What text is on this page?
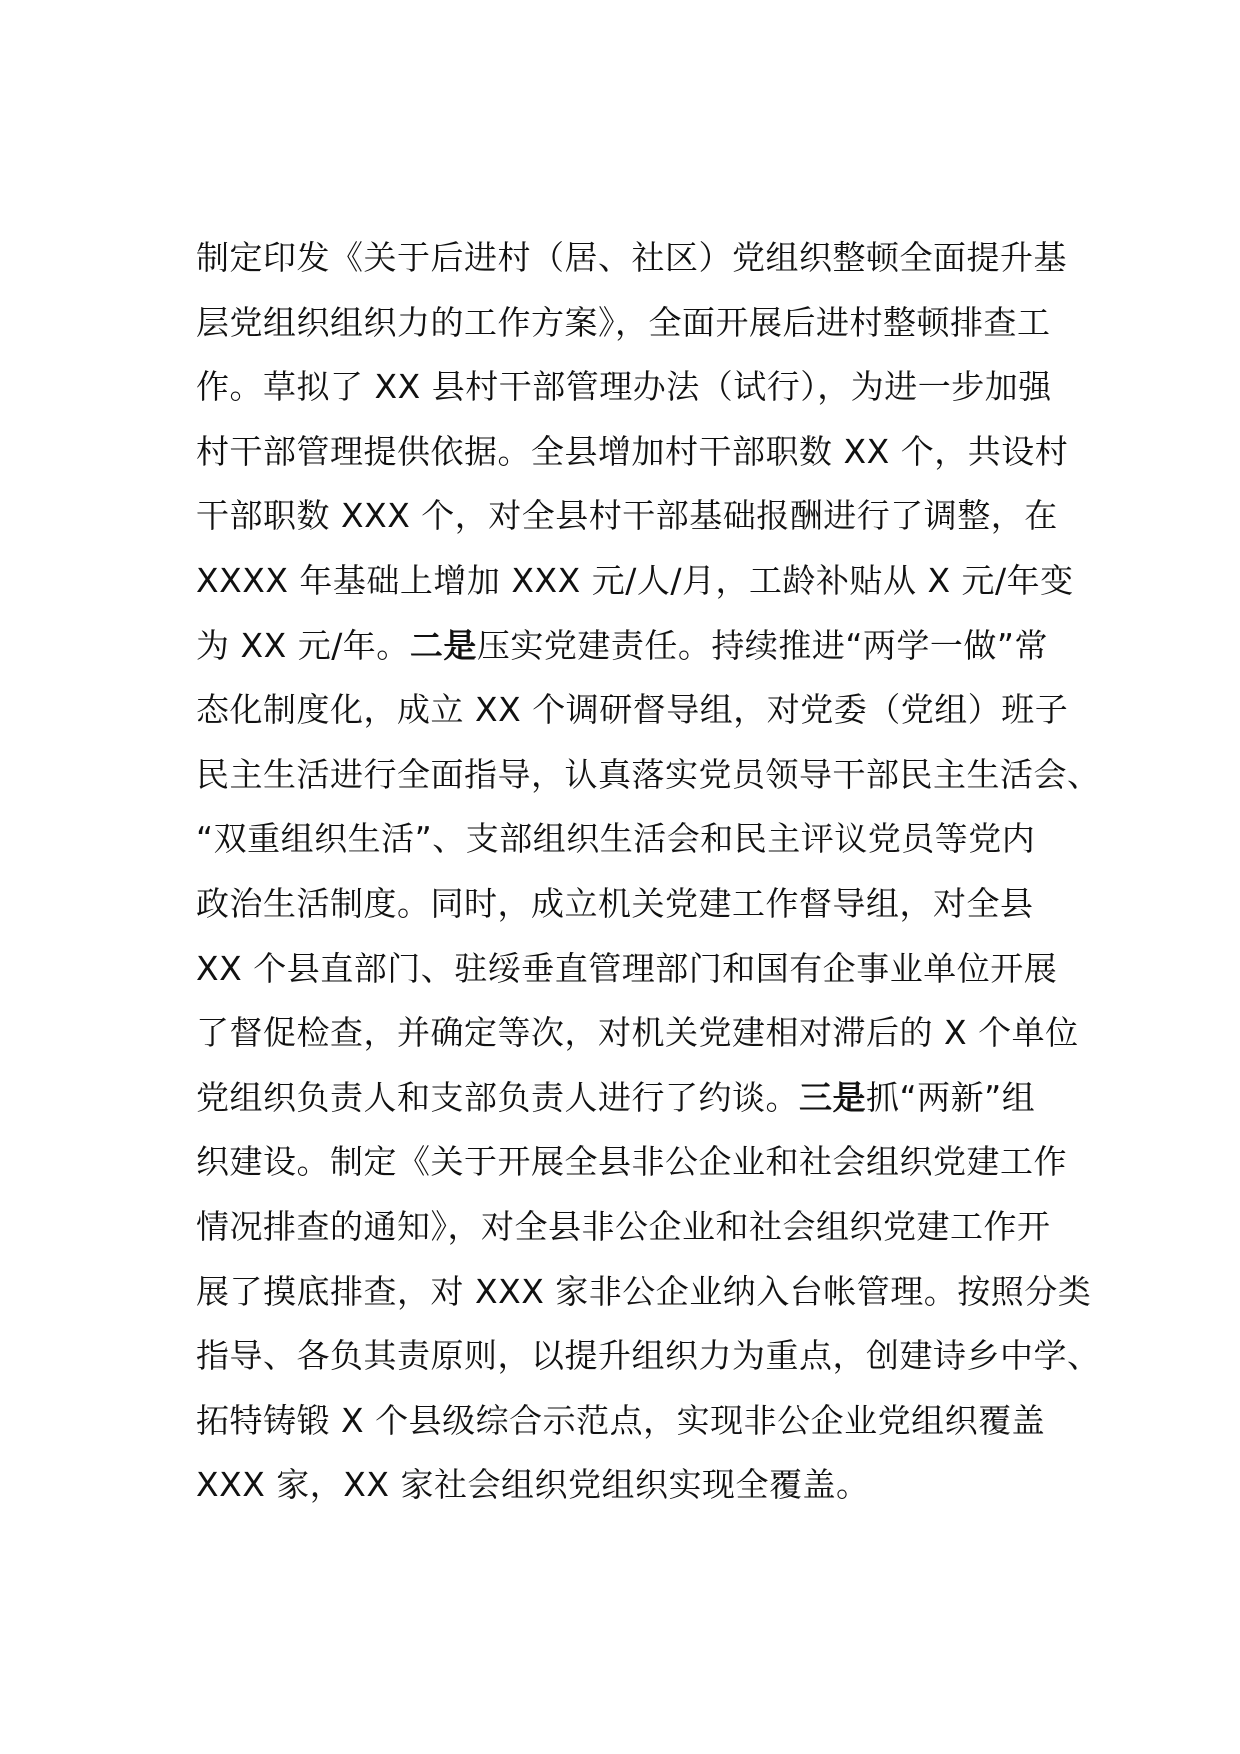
制定印发《关于后进村（居、社区）党组织整顿全面提升基
层党组织组织力的工作方案》，全面开展后进村整顿排查工
作。草拟了 XX 县村干部管理办法（试行），为进一步加强
村干部管理提供依据。全县增加村干部职数 XX 个，共设村
干部职数 XXX 个，对全县村干部基础报酬进行了调整，在
XXXX 年基础上增加 XXX 元/人/月，工龄补贴从 X 元/年变
为 XX 元/年。二是压实党建责任。持续推进“两学一做”常
态化制度化，成立 XX 个调研督导组，对党委（党组）班子
民主生活进行全面指导，认真落实党员领导干部民主生活会、
“双重组织生活”、支部组织生活会和民主评议党员等党内
政治生活制度。同时，成立机关党建工作督导组，对全县
XX 个县直部门、驻绥垂直管理部门和国有企事业单位开展
了督促检查，并确定等次，对机关党建相对滞后的 X 个单位
党组织负责人和支部负责人进行了约谈。三是抓“两新”组
织建设。制定《关于开展全县非公企业和社会组织党建工作
情况排查的通知》，对全县非公企业和社会组织党建工作开
展了摸底排查，对 XXX 家非公企业纳入台帐管理。按照分类
指导、各负其责原则，以提升组织力为重点，创建诗乡中学、
拓特铸锻 X 个县级综合示范点，实现非公企业党组织覆盖
XXX 家，XX 家社会组织党组织实现全覆盖。
